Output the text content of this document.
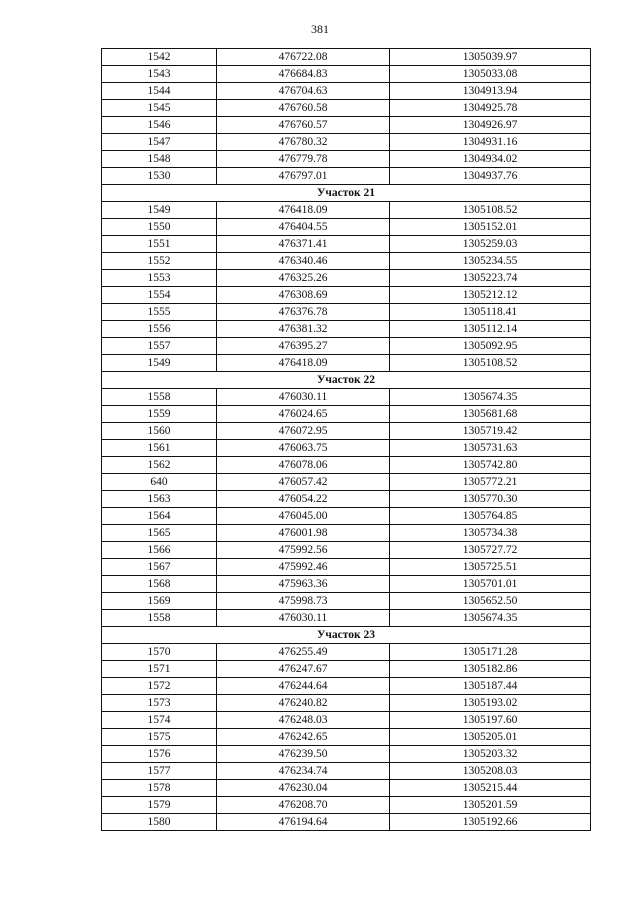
381
1542	476722.08	1305039.97
1543	476684.83	1305033.08
1544	476704.63	1304913.94
1545	476760.58	1304925.78
1546	476760.57	1304926.97
1547	476780.32	1304931.16
1548	476779.78	1304934.02
1530	476797.01	1304937.76
Участок 21		
1549	476418.09	1305108.52
1550	476404.55	1305152.01
1551	476371.41	1305259.03
1552	476340.46	1305234.55
1553	476325.26	1305223.74
1554	476308.69	1305212.12
1555	476376.78	1305118.41
1556	476381.32	1305112.14
1557	476395.27	1305092.95
1549	476418.09	1305108.52
Участок 22		
1558	476030.11	1305674.35
1559	476024.65	1305681.68
1560	476072.95	1305719.42
1561	476063.75	1305731.63
1562	476078.06	1305742.80
640	476057.42	1305772.21
1563	476054.22	1305770.30
1564	476045.00	1305764.85
1565	476001.98	1305734.38
1566	475992.56	1305727.72
1567	475992.46	1305725.51
1568	475963.36	1305701.01
1569	475998.73	1305652.50
1558	476030.11	1305674.35
Участок 23		
1570	476255.49	1305171.28
1571	476247.67	1305182.86
1572	476244.64	1305187.44
1573	476240.82	1305193.02
1574	476248.03	1305197.60
1575	476242.65	1305205.01
1576	476239.50	1305203.32
1577	476234.74	1305208.03
1578	476230.04	1305215.44
1579	476208.70	1305201.59
1580	476194.64	1305192.66
